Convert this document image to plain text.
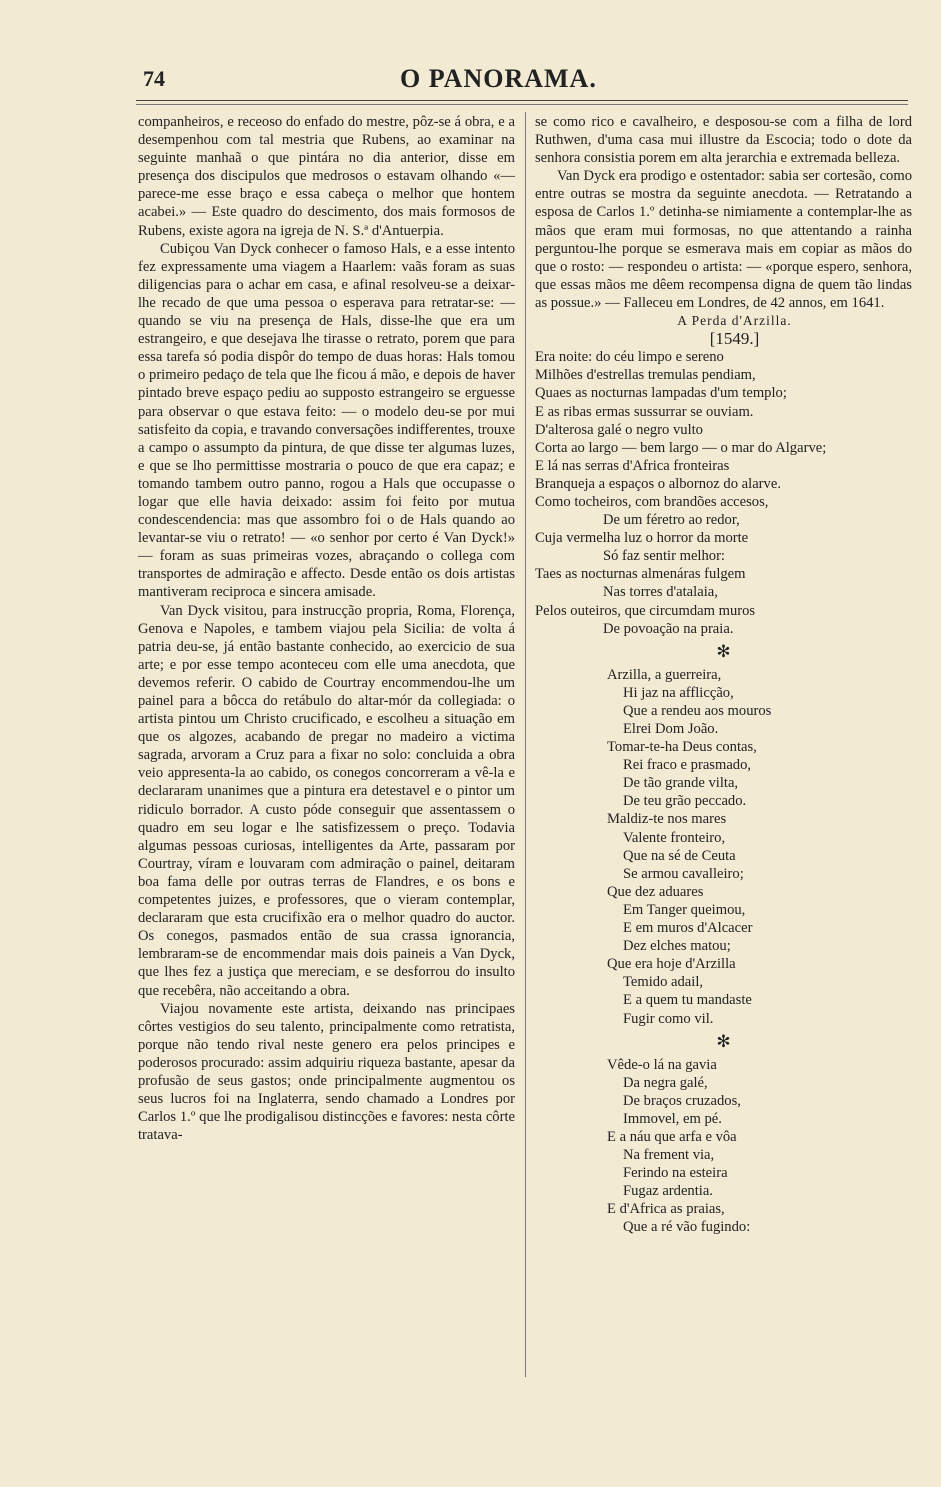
74	O PANORAMA.

companheiros, e receoso do enfado do mestre, pôz-se á obra, e a desempenhou com tal mestria que Rubens, ao examinar na seguinte manhaã o que pintára no dia anterior, disse em presença dos discipulos que medrosos o estavam olhando «— parece-me esse braço e essa cabeça o melhor que hontem acabei.» — Este quadro do descimento, dos mais formosos de Rubens, existe agora na igreja de N. S.ª d'Antuerpia.

Cubiçou Van Dyck conhecer o famoso Hals, e a esse intento fez expressamente uma viagem a Haarlem: vaãs foram as suas diligencias para o achar em casa, e afinal resolveu-se a deixar-lhe recado de que uma pessoa o esperava para retratar-se: — quando se viu na presença de Hals, disse-lhe que era um estrangeiro, e que desejava lhe tirasse o retrato, porem que para essa tarefa só podia dispôr do tempo de duas horas: Hals tomou o primeiro pedaço de tela que lhe ficou á mão, e depois de haver pintado breve espaço pediu ao supposto estrangeiro se erguesse para observar o que estava feito: — o modelo deu-se por mui satisfeito da copia, e travando conversações indifferentes, trouxe a campo o assumpto da pintura, de que disse ter algumas luzes, e que se lho permittisse mostraria o pouco de que era capaz; e tomando tambem outro panno, rogou a Hals que occupasse o logar que elle havia deixado: assim foi feito por mutua condescendencia: mas que assombro foi o de Hals quando ao levantar-se viu o retrato! — «o senhor por certo é Van Dyck!» — foram as suas primeiras vozes, abraçando o collega com transportes de admiração e affecto. Desde então os dois artistas mantiveram reciproca e sincera amisade.

Van Dyck visitou, para instrucção propria, Roma, Florença, Genova e Napoles, e tambem viajou pela Sicilia: de volta á patria deu-se, já então bastante conhecido, ao exercicio de sua arte; e por esse tempo aconteceu com elle uma anecdota, que devemos referir. O cabido de Courtray encommendou-lhe um painel para a bôcca do retábulo do altar-mór da collegiada: o artista pintou um Christo crucificado, e escolheu a situação em que os algozes, acabando de pregar no madeiro a victima sagrada, arvoram a Cruz para a fixar no solo: concluida a obra veio appresenta-la ao cabido, os conegos concorreram a vê-la e declararam unanimes que a pintura era detestavel e o pintor um ridiculo borrador. A custo póde conseguir que assentassem o quadro em seu logar e lhe satisfizessem o preço. Todavia algumas pessoas curiosas, intelligentes da Arte, passaram por Courtray, víram e louvaram com admiração o painel, deitaram boa fama delle por outras terras de Flandres, e os bons e competentes juizes, e professores, que o vieram contemplar, declararam que esta crucifixão era o melhor quadro do auctor. Os conegos, pasmados então de sua crassa ignorancia, lembraram-se de encommendar mais dois paineis a Van Dyck, que lhes fez a justiça que mereciam, e se desforrou do insulto que recebêra, não acceitando a obra.

Viajou novamente este artista, deixando nas principaes côrtes vestigios do seu talento, principalmente como retratista, porque não tendo rival neste genero era pelos principes e poderosos procurado: assim adquiriu riqueza bastante, apesar da profusão de seus gastos; onde principalmente augmentou os seus lucros foi na Inglaterra, sendo chamado a Londres por Carlos 1.º que lhe prodigalisou distincções e favores: nesta côrte tratava-

se como rico e cavalheiro, e desposou-se com a filha de lord Ruthwen, d'uma casa mui illustre da Escocia; todo o dote da senhora consistia porem em alta jerarchia e extremada belleza.

Van Dyck era prodigo e ostentador: sabia ser cortesão, como entre outras se mostra da seguinte anecdota. — Retratando a esposa de Carlos 1.º detinha-se nimiamente a contemplar-lhe as mãos que eram mui formosas, no que attentando a rainha perguntou-lhe porque se esmerava mais em copiar as mãos do que o rosto: — respondeu o artista: — «porque espero, senhora, que essas mãos me dêem recompensa digna de quem tão lindas as possue.» — Falleceu em Londres, de 42 annos, em 1641.

A Perda d'Arzilla.

[1549.]

Era noite: do céu limpo e sereno
Milhões d'estrellas tremulas pendiam,
Quaes as nocturnas lampadas d'um templo;
E as ribas ermas sussurrar se ouviam.
D'alterosa galé o negro vulto
Corta ao largo — bem largo — o mar do Algarve;
E lá nas serras d'Africa fronteiras
Branqueja a espaços o albornoz do alarve.
Como tocheiros, com brandões accesos,
De um féretro ao redor,
Cuja vermelha luz o horror da morte
Só faz sentir melhor:
Taes as nocturnas almenáras fulgem
Nas torres d'atalaia,
Pelos outeiros, que circumdam muros
De povoação na praia.
✻
Arzilla, a guerreira,
Hi jaz na afflicção,
Que a rendeu aos mouros
Elrei Dom João.
Tomar-te-ha Deus contas,
Rei fraco e prasmado,
De tão grande vilta,
De teu grão peccado.
Maldiz-te nos mares
Valente fronteiro,
Que na sé de Ceuta
Se armou cavalleiro;
Que dez aduares
Em Tanger queimou,
E em muros d'Alcacer
Dez elches matou;
Que era hoje d'Arzilla
Temido adail,
E a quem tu mandaste
Fugir como vil.
✻
Vêde-o lá na gavia
Da negra galé,
De braços cruzados,
Immovel, em pé.
E a náu que arfa e vôa
Na frement via,
Ferindo na esteira
Fugaz ardentia.
E d'Africa as praias,
Que a ré vão fugindo:
